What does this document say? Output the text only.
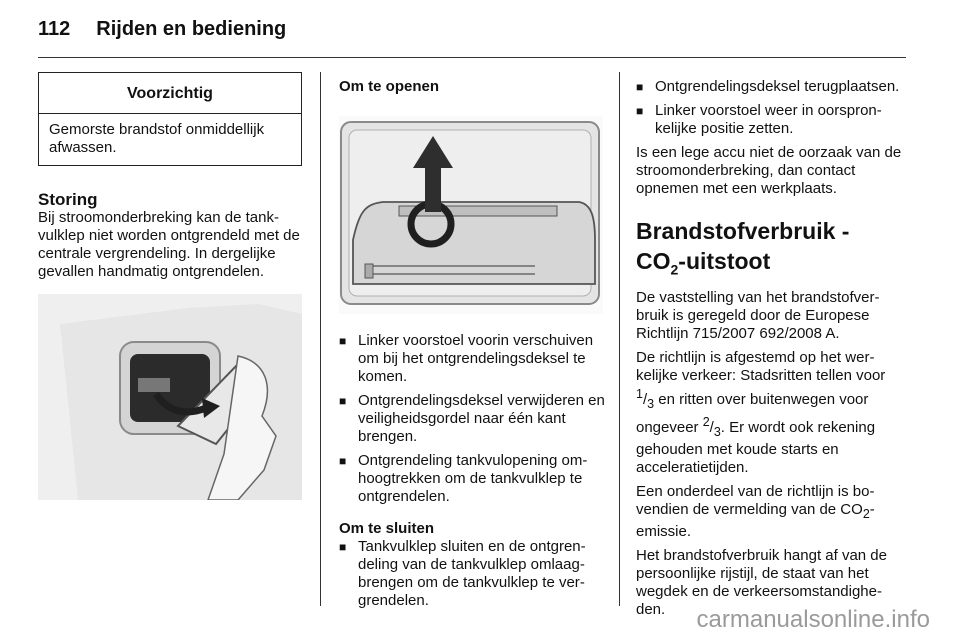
112 Rijden en bediening
Voorzichtig
Gemorste brandstof onmiddellijk afwassen.
Storing

Bij stroomonderbreking kan de tankvulklep niet worden ontgrendeld met de centrale vergrendeling. In dergelijke gevallen handmatig ontgrendelen.

Om te openen
■ Linker voorstoel voorin verschuiven om bij het ontgrendelingsdeksel te komen.
■ Ontgrendelingsdeksel verwijderen en veiligheidsgordel naar één kant brengen.
■ Ontgrendeling tankvulopening omhoogtrekken om de tankvulklep te ontgrendelen.
Om te sluiten
■ Tankvulklep sluiten en de ontgrendeling van de tankvulklep omlaagbrengen om de tankvulklep te vergrendelen.
■ Ontgrendelingsdeksel terugplaatsen.
■ Linker voorstoel weer in oorspronkelijke positie zetten.

Is een lege accu niet de oorzaak van de stroomonderbreking, dan contact opnemen met een werkplaats.

Brandstofverbruik - $CO_2$-uitstoot

De vaststelling van het brandstofverbruik is geregeld door de Europese Richtlijn 715/2007 692/2008 A.

De richtlijn is afgestemd op het werkelijke verkeer: Stadsritten tellen voor $^1/_3$ en ritten over buitenwegen voor ongeveer $^2/_3$. Er wordt ook rekening gehouden met koude starts en acceleratietijden.

Een onderdeel van de richtlijn is bovendien de vermelding van de $CO_2$-emissie.

Het brandstofverbruik hangt af van de persoonlijke rijstijl, de staat van het wegdek en de verkeersomstandigheden.	carmanualsonline.info
